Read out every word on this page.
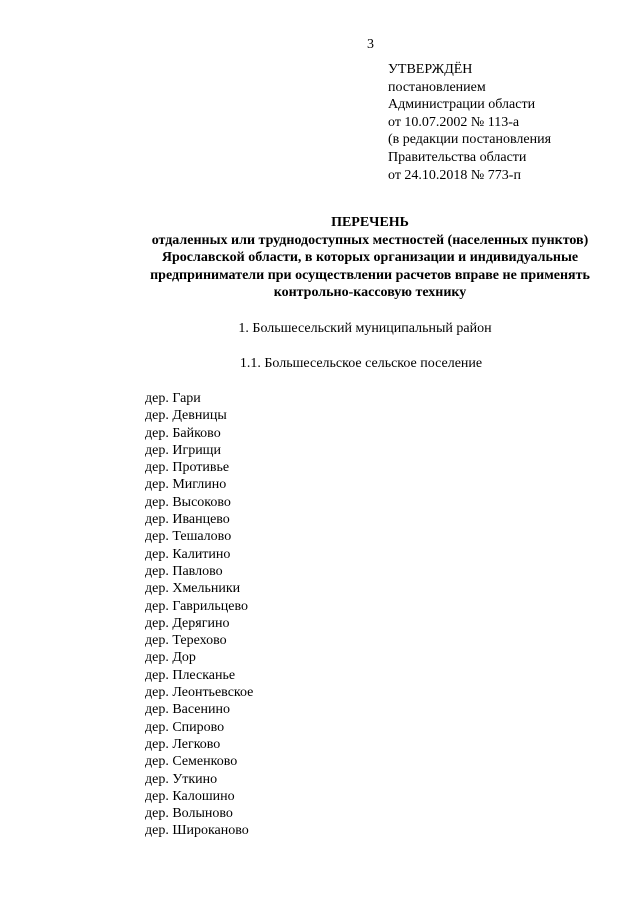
3
УТВЕРЖДЁН
постановлением
Администрации области
от 10.07.2002 № 113-а
(в редакции постановления
Правительства области
от 24.10.2018 № 773-п
ПЕРЕЧЕНЬ
отдаленных или труднодоступных местностей (населенных пунктов)
Ярославской области, в которых организации и индивидуальные
предприниматели при осуществлении расчетов вправе не применять
контрольно-кассовую технику
1. Большесельский муниципальный район
1.1. Большесельское сельское поселение
дер. Гари
дер. Девницы
дер. Байково
дер. Игрищи
дер. Противье
дер. Миглино
дер. Высоково
дер. Иванцево
дер. Тешалово
дер. Калитино
дер. Павлово
дер. Хмельники
дер. Гаврильцево
дер. Дерягино
дер. Терехово
дер. Дор
дер. Плесканье
дер. Леонтьевское
дер. Васенино
дер. Спирово
дер. Легково
дер. Семенково
дер. Уткино
дер. Калошино
дер. Волыново
дер. Широканово
